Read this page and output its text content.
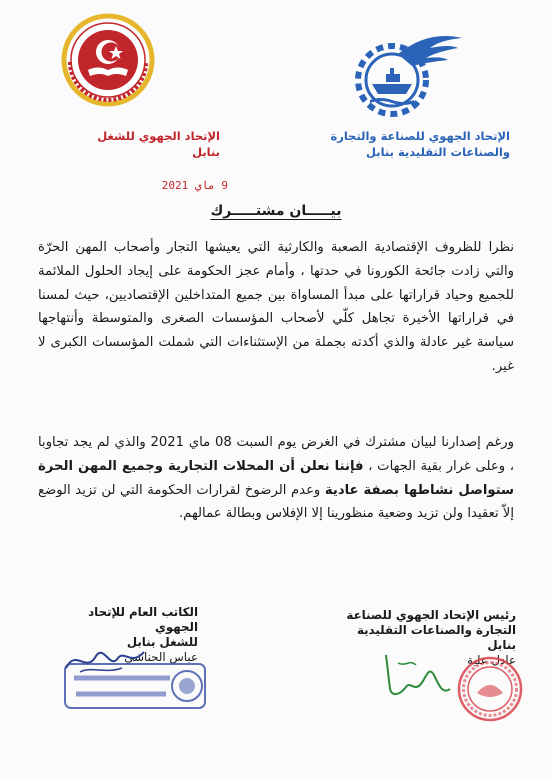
الإتحاد الجهوي للشغل بنابل
الإتحاد الجهوي للصناعة والتجارة
والصناعات التقليدية بنابل
9 ماي 2021
بيـــــان مشتـــــرك
نظرا للظروف الإقتصادية الصعبة والكارثية التي يعيشها التجار وأصحاب المهن الحرّة والتي زادت جائحة الكورونا في حدتها ، وأمام عجز الحكومة على إيجاد الحلول الملائمة للجميع وحياد قراراتها على مبدأ المساواة بين جميع المتداخلين الإقتصاديين، حيث لمسنا في قراراتها الأخيرة تجاهل كلّي لأصحاب المؤسسات الصغرى والمتوسطة وأنتهاجها سياسة غير عادلة والذي أكدته بجملة من الإستثناءات التي شملت المؤسسات الكبرى لا غير.
ورغم إصدارنا لبيان مشترك في الغرض يوم السبت 08 ماي 2021 والذي لم يجد تجاوبا ، وعلى غرار بقية الجهات ، فإننا نعلن أن المحلات التجارية وجميع المهن الحرة ستواصل نشاطها بصفة عادية وعدم الرضوخ لقرارات الحكومة التي لن تزيد الوضع إلاّ تعقيدا ولن تزيد وضعية منظورينا إلا الإفلاس وبطالة عمالهم.
الكاتب العام للإتحاد الجهوي
للشغل بنابل
عباس الحناشي
رئيس الإتحاد الجهوي للصناعة
التجارة والصناعات التقليدية بنابل
عادل علية
